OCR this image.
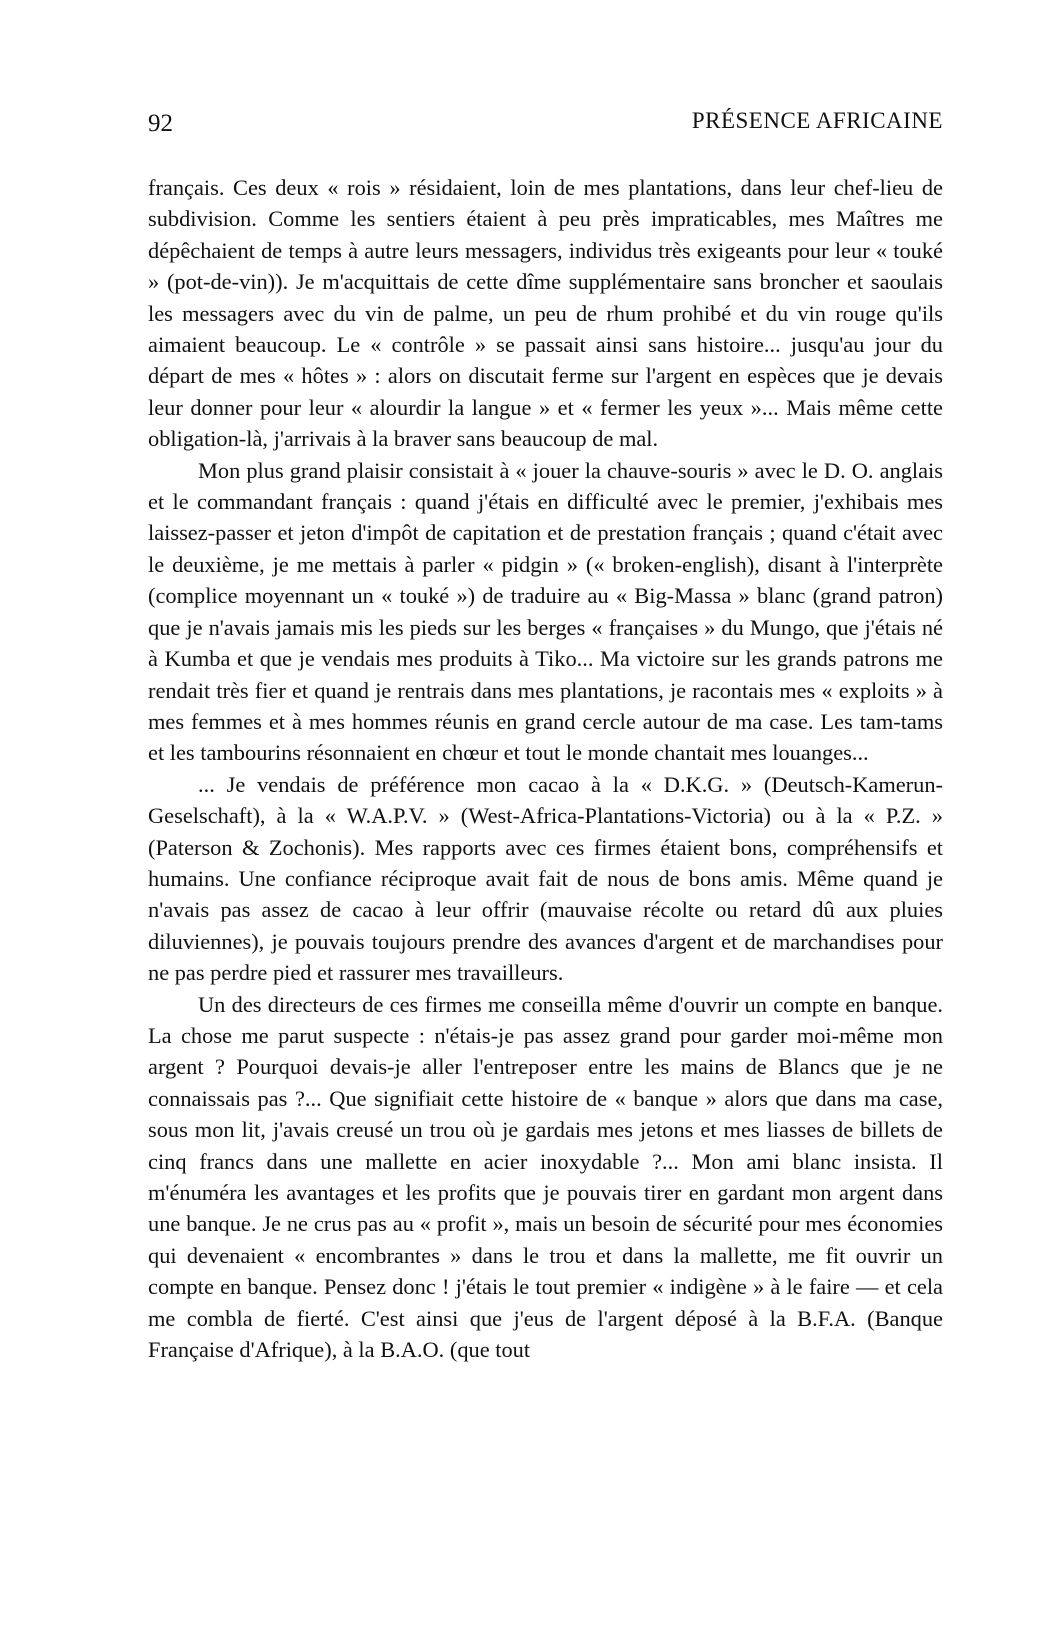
92	PRÉSENCE AFRICAINE

français. Ces deux « rois » résidaient, loin de mes plantations, dans leur chef-lieu de subdivision. Comme les sentiers étaient à peu près impraticables, mes Maîtres me dépêchaient de temps à autre leurs messagers, individus très exigeants pour leur « touké » (pot-de-vin)). Je m'acquittais de cette dîme supplémentaire sans broncher et saoulais les messagers avec du vin de palme, un peu de rhum prohibé et du vin rouge qu'ils aimaient beaucoup. Le « contrôle » se passait ainsi sans histoire... jusqu'au jour du départ de mes « hôtes » : alors on discutait ferme sur l'argent en espèces que je devais leur donner pour leur « alourdir la langue » et « fermer les yeux »... Mais même cette obligation-là, j'arrivais à la braver sans beaucoup de mal.

Mon plus grand plaisir consistait à « jouer la chauve-souris » avec le D. O. anglais et le commandant français : quand j'étais en difficulté avec le premier, j'exhibais mes laissez-passer et jeton d'impôt de capitation et de prestation français ; quand c'était avec le deuxième, je me mettais à parler « pidgin » (« broken-english), disant à l'interprète (complice moyennant un « touké ») de traduire au « Big-Massa » blanc (grand patron) que je n'avais jamais mis les pieds sur les berges « françaises » du Mungo, que j'étais né à Kumba et que je vendais mes produits à Tiko... Ma victoire sur les grands patrons me rendait très fier et quand je rentrais dans mes plantations, je racontais mes « exploits » à mes femmes et à mes hommes réunis en grand cercle autour de ma case. Les tam-tams et les tambourins résonnaient en chœur et tout le monde chantait mes louanges...

... Je vendais de préférence mon cacao à la « D.K.G. » (Deutsch-Kamerun-Geselschaft), à la « W.A.P.V. » (West-Africa-Plantations-Victoria) ou à la « P.Z. » (Paterson & Zochonis). Mes rapports avec ces firmes étaient bons, compréhensifs et humains. Une confiance réciproque avait fait de nous de bons amis. Même quand je n'avais pas assez de cacao à leur offrir (mauvaise récolte ou retard dû aux pluies diluviennes), je pouvais toujours prendre des avances d'argent et de marchandises pour ne pas perdre pied et rassurer mes travailleurs.

Un des directeurs de ces firmes me conseilla même d'ouvrir un compte en banque. La chose me parut suspecte : n'étais-je pas assez grand pour garder moi-même mon argent ? Pourquoi devais-je aller l'entreposer entre les mains de Blancs que je ne connaissais pas ?... Que signifiait cette histoire de « banque » alors que dans ma case, sous mon lit, j'avais creusé un trou où je gardais mes jetons et mes liasses de billets de cinq francs dans une mallette en acier inoxydable ?... Mon ami blanc insista. Il m'énuméra les avantages et les profits que je pouvais tirer en gardant mon argent dans une banque. Je ne crus pas au « profit », mais un besoin de sécurité pour mes économies qui devenaient « encombrantes » dans le trou et dans la mallette, me fit ouvrir un compte en banque. Pensez donc ! j'étais le tout premier « indigène » à le faire — et cela me combla de fierté. C'est ainsi que j'eus de l'argent déposé à la B.F.A. (Banque Française d'Afrique), à la B.A.O. (que tout
